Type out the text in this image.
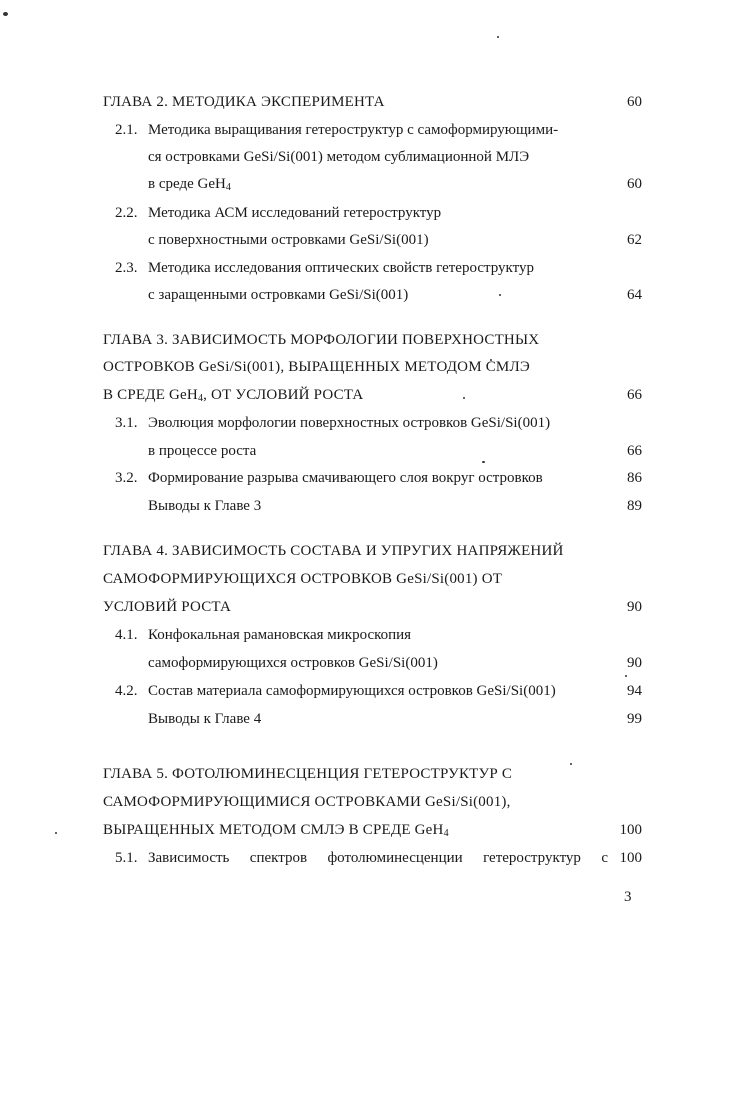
ГЛАВА 2. МЕТОДИКА ЭКСПЕРИМЕНТА	60
2.1. Методика выращивания гетероструктур с самоформирующими-
ся островками GeSi/Si(001) методом сублимационной МЛЭ
в среде GeH$_4$	60
2.2. Методика АСМ исследований гетероструктур
с поверхностными островками GeSi/Si(001)	62
2.3. Методика исследования оптических свойств гетероструктур
с заращенными островками GeSi/Si(001)	64
ГЛАВА 3. ЗАВИСИМОСТЬ МОРФОЛОГИИ ПОВЕРХНОСТНЫХ
ОСТРОВКОВ GeSi/Si(001), ВЫРАЩЕННЫХ МЕТОДОМ СМЛЭ
В СРЕДЕ GeH$_4$, ОТ УСЛОВИЙ РОСТА	66
3.1. Эволюция морфологии поверхностных островков GeSi/Si(001)
в процессе роста	66
3.2. Формирование разрыва смачивающего слоя вокруг островков	86
Выводы к Главе 3	89
ГЛАВА 4. ЗАВИСИМОСТЬ СОСТАВА И УПРУГИХ НАПРЯЖЕНИЙ
САМОФОРМИРУЮЩИХСЯ ОСТРОВКОВ GeSi/Si(001) ОТ
УСЛОВИЙ РОСТА	90
4.1. Конфокальная рамановская микроскопия
самоформирующихся островков GeSi/Si(001)	90
4.2. Состав материала самоформирующихся островков GeSi/Si(001)	94
Выводы к Главе 4	99
ГЛАВА 5. ФОТОЛЮМИНЕСЦЕНЦИЯ ГЕТЕРОСТРУКТУР С
САМОФОРМИРУЮЩИМИСЯ ОСТРОВКАМИ GeSi/Si(001),
ВЫРАЩЕННЫХ МЕТОДОМ СМЛЭ В СРЕДЕ GeH$_4$	100
5.1. Зависимость спектров фотолюминесценции гетероструктур с 100
3
